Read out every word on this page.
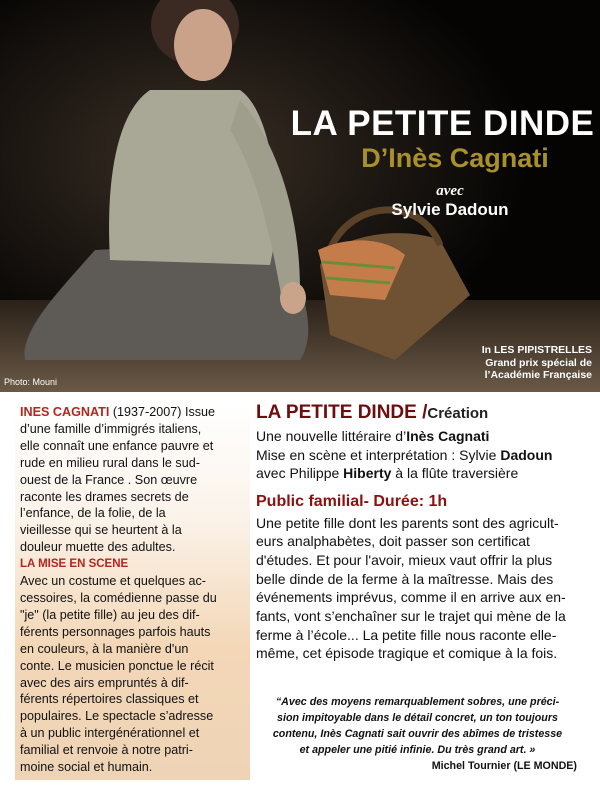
LA PETITE DINDE
D’Inès Cagnati
avec
Sylvie Dadoun
In LES PIPISTRELLES
Grand prix spécial de
l’Académie Française
Photo: Mouni

INES CAGNATI (1937-2007) Issue

d’une famille d’immigrés italiens,

elle connaît une enfance pauvre et

rude en milieu rural dans le sud-

ouest de la France . Son œuvre

raconte les drames secrets de

l’enfance, de la folie, de la

vieillesse qui se heurtent à la

douleur muette des adultes.

LA MISE EN SCENE

Avec un costume et quelques ac-

cessoires, la comédienne passe du

"je" (la petite fille) au jeu des dif-

férents personnages parfois hauts

en couleurs, à la manière d'un

conte. Le musicien ponctue le récit

avec des airs empruntés à dif-

férents répertoires classiques et

populaires. Le spectacle s’adresse

à un public intergénérationnel et

familial et renvoie à notre patri-

moine social et humain.

LA PETITE DINDE /Création
Une nouvelle littéraire d’Inès Cagnati
Mise en scène et interprétation : Sylvie Dadoun
avec Philippe Hiberty à la flûte traversière
Public familial- Durée: 1h
Une petite fille dont les parents sont des agricult-
eurs analphabètes, doit passer son certificat
d'études. Et pour l'avoir, mieux vaut offrir la plus
belle dinde de la ferme à la maîtresse. Mais des
événements imprévus, comme il en arrive aux en-
fants, vont s’enchaîner sur le trajet qui mène de la
ferme à l’école... La petite fille nous raconte elle-
même, cet épisode tragique et comique à la fois.
“Avec des moyens remarquablement sobres, une préci-
sion impitoyable dans le détail concret, un ton toujours
contenu, Inès Cagnati sait ouvrir des abîmes de tristesse
et appeler une pitié infinie. Du très grand art. »
Michel Tournier (LE MONDE)
